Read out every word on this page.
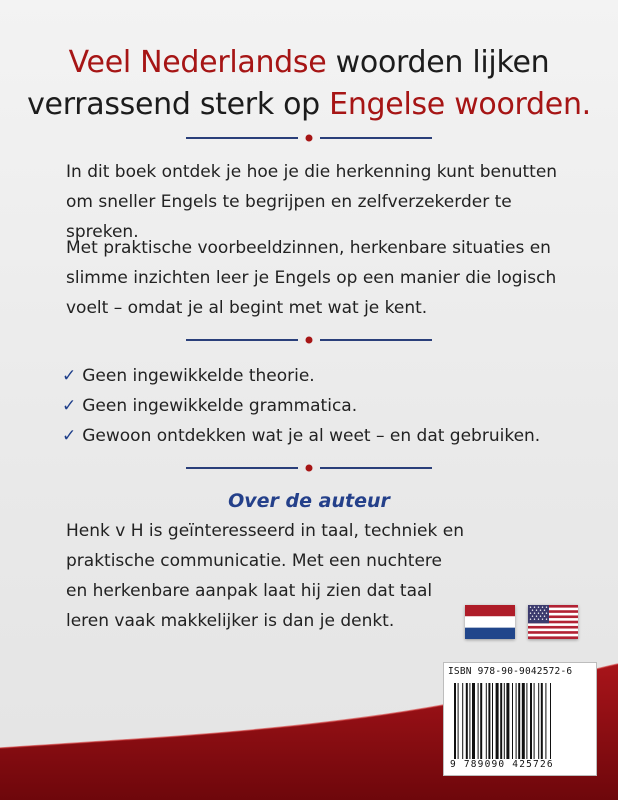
Veel Nederlandse woorden lijken
verrassend sterk op Engelse woorden.

In dit boek ontdek je hoe je die herkenning kunt benutten om sneller Engels te begrijpen en zelfverzekerder te spreken.

Met praktische voorbeeldzinnen, herkenbare situaties en slimme inzichten leer je Engels op een manier die logisch voelt – omdat je al begint met wat je kent.

✓ Geen ingewikkelde theorie.
✓ Geen ingewikkelde grammatica.
✓ Gewoon ontdekken wat je al weet – en dat gebruiken.
Over de auteur

Henk v H is geïnteresseerd in taal, techniek en praktische communicatie. Met een nuchtere en herkenbare aanpak laat hij zien dat taal leren vaak makkelijker is dan je denkt.

ISBN 978-90-9042572-6
9 789090 425726
